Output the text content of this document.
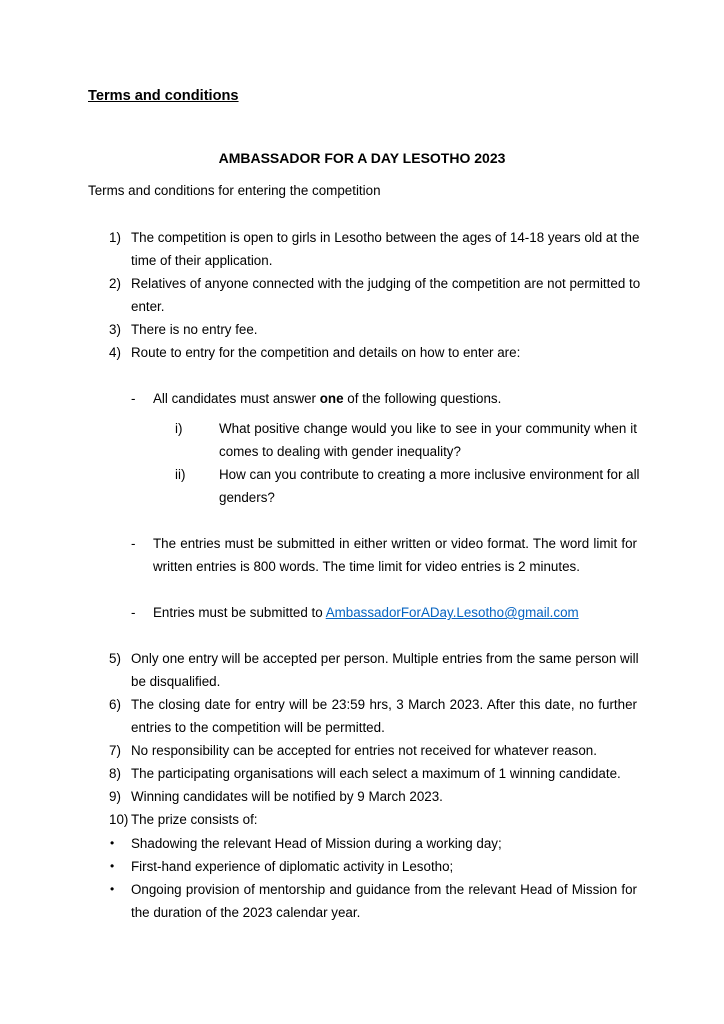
Terms and conditions
AMBASSADOR FOR A DAY LESOTHO 2023
Terms and conditions for entering the competition
1) The competition is open to girls in Lesotho between the ages of 14-18 years old at the
time of their application.
2) Relatives of anyone connected with the judging of the competition are not permitted to
enter.
3) There is no entry fee.
4) Route to entry for the competition and details on how to enter are:
- All candidates must answer one of the following questions.
i)	What positive change would you like to see in your community when it
comes to dealing with gender inequality?
ii)	How can you contribute to creating a more inclusive environment for all
genders?
- The entries must be submitted in either written or video format. The word limit for
written entries is 800 words. The time limit for video entries is 2 minutes.
- Entries must be submitted to AmbassadorForADay.Lesotho@gmail.com
5) Only one entry will be accepted per person. Multiple entries from the same person will
be disqualified.
6) The closing date for entry will be 23:59 hrs, 3 March 2023. After this date, no further
entries to the competition will be permitted.
7) No responsibility can be accepted for entries not received for whatever reason.
8) The participating organisations will each select a maximum of 1 winning candidate.
9) Winning candidates will be notified by 9 March 2023.
10) The prize consists of:
• Shadowing the relevant Head of Mission during a working day;
• First-hand experience of diplomatic activity in Lesotho;
• Ongoing provision of mentorship and guidance from the relevant Head of Mission for
the duration of the 2023 calendar year.
